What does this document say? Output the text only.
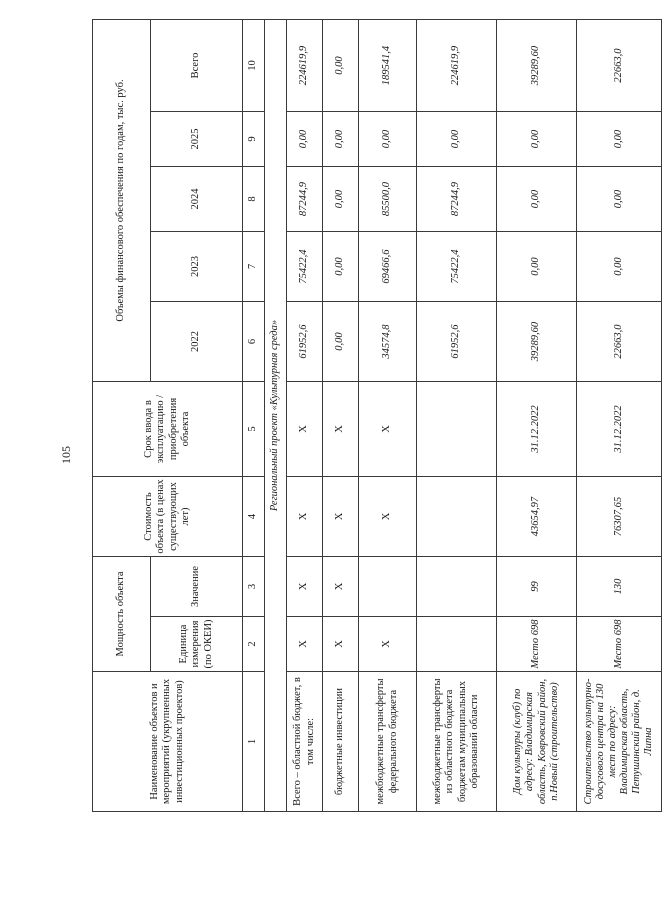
105
Наименование объектов и мероприятий (укрупненных инвестиционных проектов)	Мощность объекта		Стоимость объекта (в ценах существующих лет)	Срок ввода в эксплуатацию / приобретения объекта	Объемы финансового обеспечения по годам, тыс. руб.				
	Единица измерения (по ОКЕИ)	Значение			2022	2023	2024	2025	Всего
1	2	3	4	5	6	7	8	9	10
Региональный проект «Культурная среда»									
Всего – областной бюджет, в том числе:	X	X	X	X	61952,6	75422,4	87244,9	0,00	224619,9
бюджетные инвестиции	X	X	X	X	0,00	0,00	0,00	0,00	0,00
межбюджетные трансферты федерального бюджета	X		X	X	34574,8	69466,6	85500,0	0,00	189541,4
межбюджетные трансферты из областного бюджета бюджетам муниципальных образований области					61952,6	75422,4	87244,9	0,00	224619,9
Дом культуры (клуб) по адресу: Владимирская область, Ковровский район, п.Новый (строительство)	Место 698	99	43654,97	31.12.2022	39289,60	0,00	0,00	0,00	39289,60
Строительство культурно-досугового центра на 130 мест по адресу: Владимирская область, Петушинский район, д. Липна	Место 698	130	76307,65	31.12.2022	22663,0	0,00	0,00	0,00	22663,0
